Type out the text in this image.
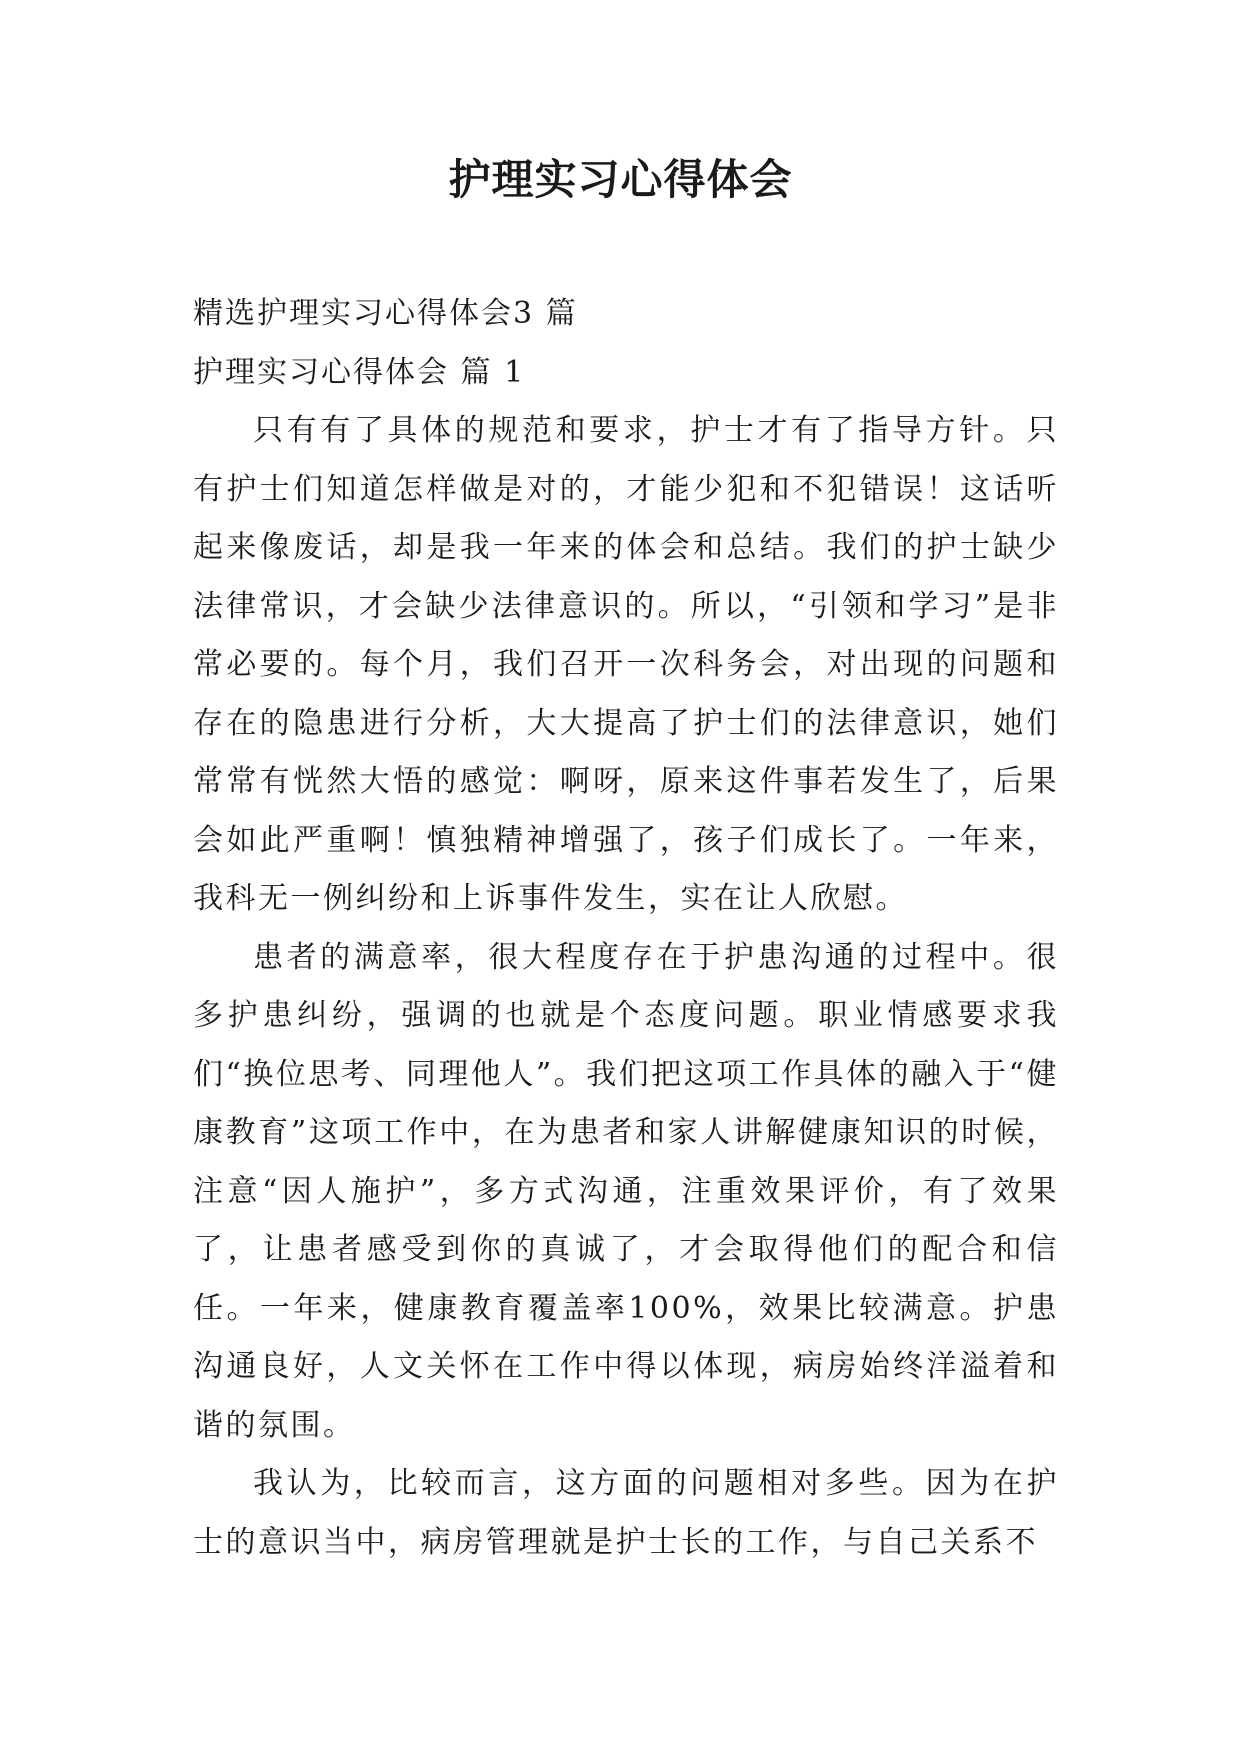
护理实习心得体会

精选护理实习心得体会3 篇

护理实习心得体会 篇 1

只有有了具体的规范和要求，护士才有了指导方针。只有护士们知道怎样做是对的，才能少犯和不犯错误！这话听起来像废话，却是我一年来的体会和总结。我们的护士缺少法律常识，才会缺少法律意识的。所以，“引领和学习”是非常必要的。每个月，我们召开一次科务会，对出现的问题和存在的隐患进行分析，大大提高了护士们的法律意识，她们常常有恍然大悟的感觉：啊呀，原来这件事若发生了，后果会如此严重啊！慎独精神增强了，孩子们成长了。一年来，我科无一例纠纷和上诉事件发生，实在让人欣慰。

患者的满意率，很大程度存在于护患沟通的过程中。很多护患纠纷，强调的也就是个态度问题。职业情感要求我们“换位思考、同理他人”。我们把这项工作具体的融入于“健康教育”这项工作中，在为患者和家人讲解健康知识的时候，注意“因人施护”，多方式沟通，注重效果评价，有了效果了，让患者感受到你的真诚了，才会取得他们的配合和信任。一年来，健康教育覆盖率100%，效果比较满意。护患沟通良好，人文关怀在工作中得以体现，病房始终洋溢着和谐的氛围。

我认为，比较而言，这方面的问题相对多些。因为在护士的意识当中，病房管理就是护士长的工作，与自己关系不
